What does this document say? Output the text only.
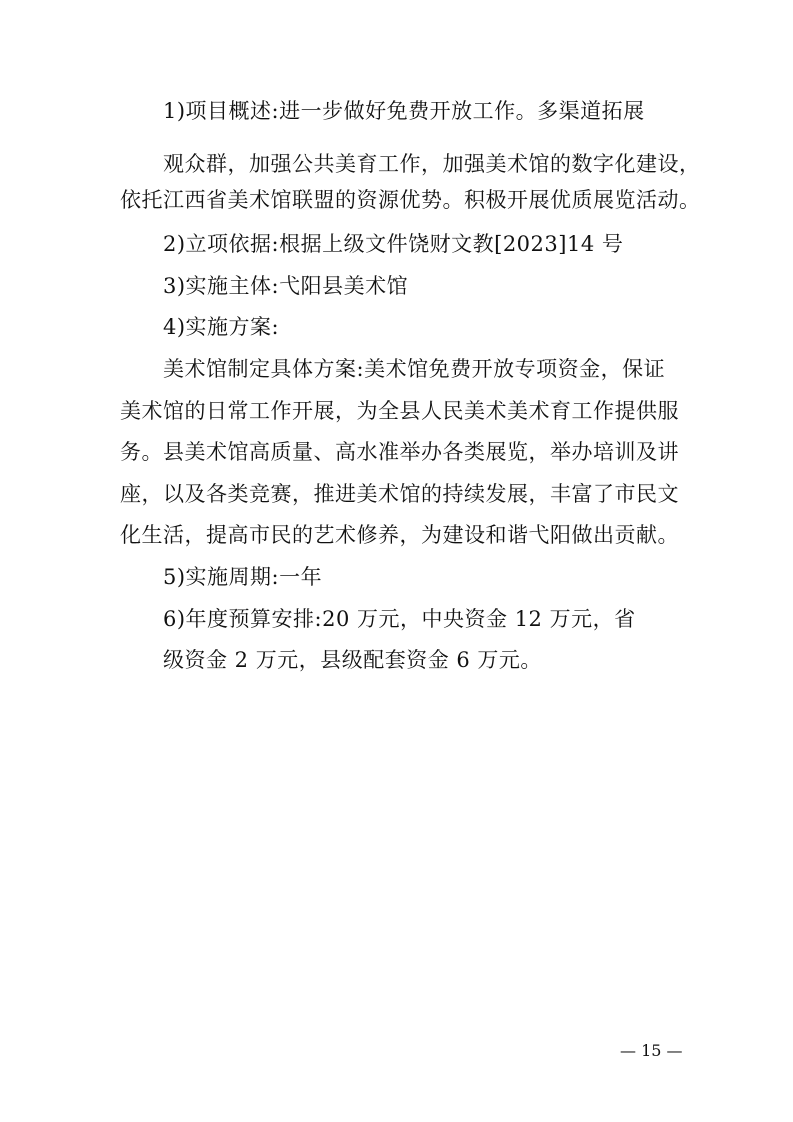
1)项目概述:进一步做好免费开放工作。多渠道拓展
观众群，加强公共美育工作，加强美术馆的数字化建设，
依托江西省美术馆联盟的资源优势。积极开展优质展览活动。
2)立项依据:根据上级文件饶财文教[2023]14 号
3)实施主体:弋阳县美术馆
4)实施方案:
美术馆制定具体方案:美术馆免费开放专项资金，保证
美术馆的日常工作开展，为全县人民美术美术育工作提供服
务。县美术馆高质量、高水准举办各类展览，举办培训及讲
座，以及各类竞赛，推进美术馆的持续发展，丰富了市民文
化生活，提高市民的艺术修养，为建设和谐弋阳做出贡献。
5)实施周期:一年
6)年度预算安排:20 万元，中央资金 12 万元，省
级资金 2 万元，县级配套资金 6 万元。
— 15 —
